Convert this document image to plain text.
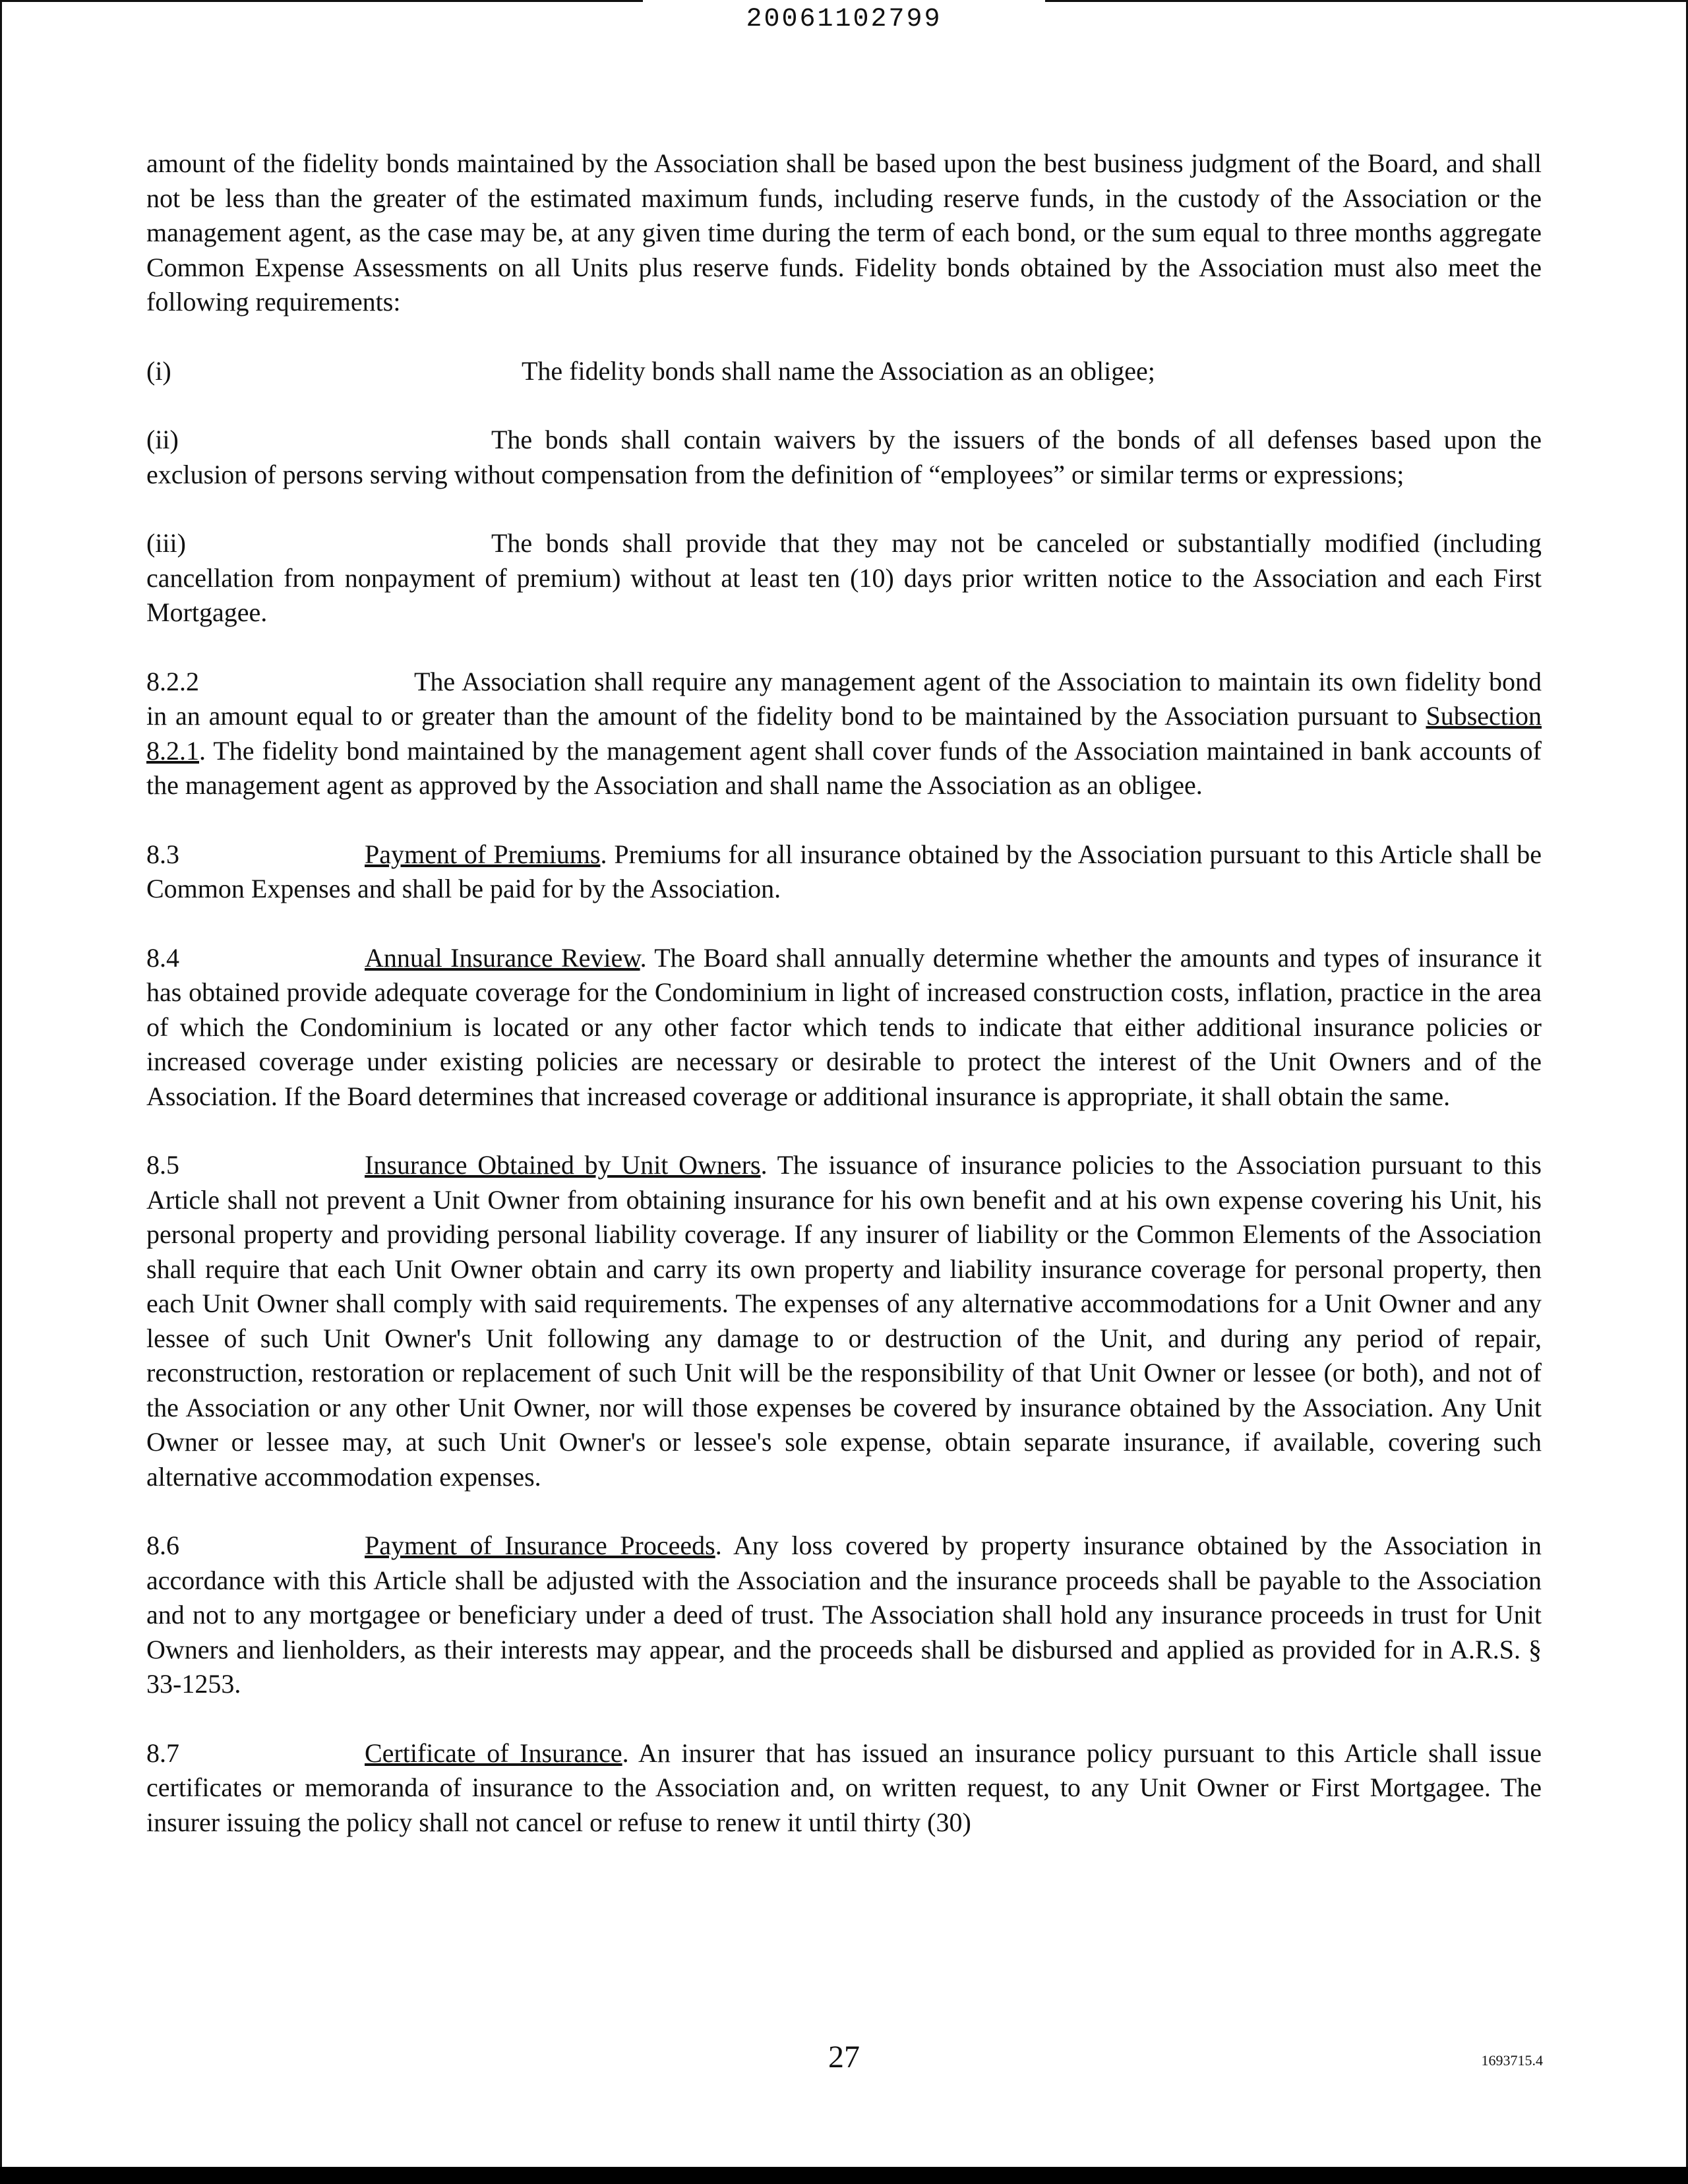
20061102799

amount of the fidelity bonds maintained by the Association shall be based upon the best business judgment of the Board, and shall not be less than the greater of the estimated maximum funds, including reserve funds, in the custody of the Association or the management agent, as the case may be, at any given time during the term of each bond, or the sum equal to three months aggregate Common Expense Assessments on all Units plus reserve funds. Fidelity bonds obtained by the Association must also meet the following requirements:

(i)	The fidelity bonds shall name the Association as an obligee;

(ii)	The bonds shall contain waivers by the issuers of the bonds of all defenses based upon the exclusion of persons serving without compensation from the definition of “employees” or similar terms or expressions;

(iii)	The bonds shall provide that they may not be canceled or substantially modified (including cancellation from nonpayment of premium) without at least ten (10) days prior written notice to the Association and each First Mortgagee.

8.2.2	The Association shall require any management agent of the Association to maintain its own fidelity bond in an amount equal to or greater than the amount of the fidelity bond to be maintained by the Association pursuant to Subsection 8.2.1. The fidelity bond maintained by the management agent shall cover funds of the Association maintained in bank accounts of the management agent as approved by the Association and shall name the Association as an obligee.

8.3	Payment of Premiums. Premiums for all insurance obtained by the Association pursuant to this Article shall be Common Expenses and shall be paid for by the Association.

8.4	Annual Insurance Review. The Board shall annually determine whether the amounts and types of insurance it has obtained provide adequate coverage for the Condominium in light of increased construction costs, inflation, practice in the area of which the Condominium is located or any other factor which tends to indicate that either additional insurance policies or increased coverage under existing policies are necessary or desirable to protect the interest of the Unit Owners and of the Association. If the Board determines that increased coverage or additional insurance is appropriate, it shall obtain the same.

8.5	Insurance Obtained by Unit Owners. The issuance of insurance policies to the Association pursuant to this Article shall not prevent a Unit Owner from obtaining insurance for his own benefit and at his own expense covering his Unit, his personal property and providing personal liability coverage. If any insurer of liability or the Common Elements of the Association shall require that each Unit Owner obtain and carry its own property and liability insurance coverage for personal property, then each Unit Owner shall comply with said requirements. The expenses of any alternative accommodations for a Unit Owner and any lessee of such Unit Owner's Unit following any damage to or destruction of the Unit, and during any period of repair, reconstruction, restoration or replacement of such Unit will be the responsibility of that Unit Owner or lessee (or both), and not of the Association or any other Unit Owner, nor will those expenses be covered by insurance obtained by the Association. Any Unit Owner or lessee may, at such Unit Owner's or lessee's sole expense, obtain separate insurance, if available, covering such alternative accommodation expenses.

8.6	Payment of Insurance Proceeds. Any loss covered by property insurance obtained by the Association in accordance with this Article shall be adjusted with the Association and the insurance proceeds shall be payable to the Association and not to any mortgagee or beneficiary under a deed of trust. The Association shall hold any insurance proceeds in trust for Unit Owners and lienholders, as their interests may appear, and the proceeds shall be disbursed and applied as provided for in A.R.S. § 33-1253.

8.7	Certificate of Insurance. An insurer that has issued an insurance policy pursuant to this Article shall issue certificates or memoranda of insurance to the Association and, on written request, to any Unit Owner or First Mortgagee. The insurer issuing the policy shall not cancel or refuse to renew it until thirty (30)

27	1693715.4
